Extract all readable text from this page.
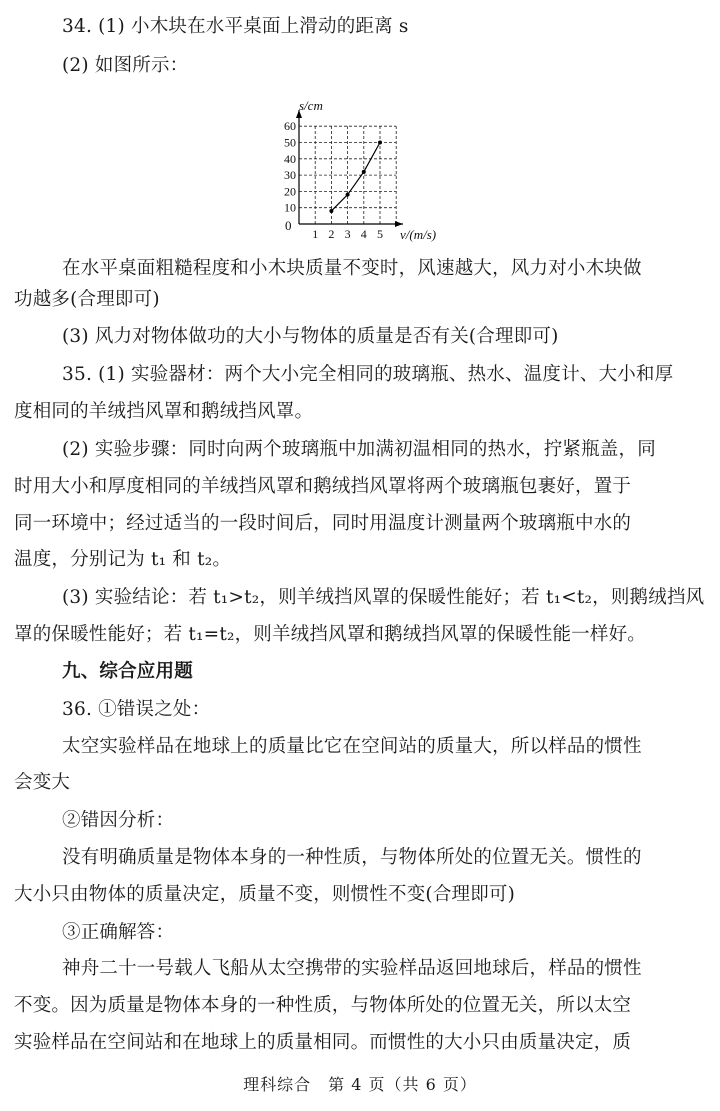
34. (1) 小木块在水平桌面上滑动的距离 s
(2) 如图所示：
1 2 3 4 5
10
20
30
40
50
60
s/cm
v/(m/s)
0
在水平桌面粗糙程度和小木块质量不变时，风速越大，风力对小木块做
功越多(合理即可)
(3) 风力对物体做功的大小与物体的质量是否有关(合理即可)
35. (1) 实验器材：两个大小完全相同的玻璃瓶、热水、温度计、大小和厚
度相同的羊绒挡风罩和鹅绒挡风罩。
(2) 实验步骤：同时向两个玻璃瓶中加满初温相同的热水，拧紧瓶盖，同
时用大小和厚度相同的羊绒挡风罩和鹅绒挡风罩将两个玻璃瓶包裹好，置于
同一环境中；经过适当的一段时间后，同时用温度计测量两个玻璃瓶中水的
温度，分别记为 t₁ 和 t₂。
(3) 实验结论：若 t₁>t₂，则羊绒挡风罩的保暖性能好；若 t₁<t₂，则鹅绒挡风
罩的保暖性能好；若 t₁=t₂，则羊绒挡风罩和鹅绒挡风罩的保暖性能一样好。
九、综合应用题
36. ①错误之处：
太空实验样品在地球上的质量比它在空间站的质量大，所以样品的惯性
会变大
②错因分析：
没有明确质量是物体本身的一种性质，与物体所处的位置无关。惯性的
大小只由物体的质量决定，质量不变，则惯性不变(合理即可)
③正确解答：
神舟二十一号载人飞船从太空携带的实验样品返回地球后，样品的惯性
不变。因为质量是物体本身的一种性质，与物体所处的位置无关，所以太空
实验样品在空间站和在地球上的质量相同。而惯性的大小只由质量决定，质
理科综合　第 4 页（共 6 页）
